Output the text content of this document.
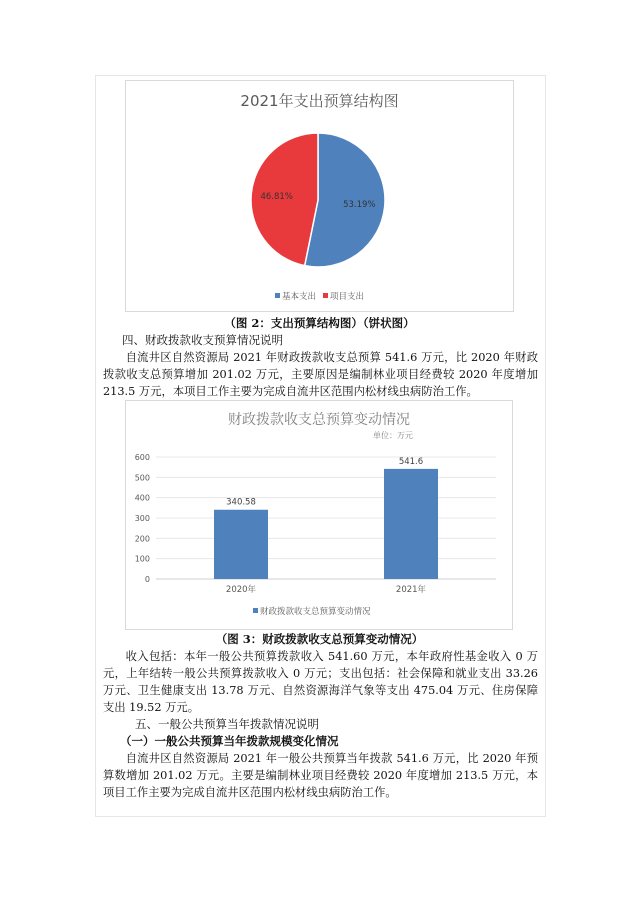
2021年支出预算结构图
53.19%
46.81%
基本支出 项目支出
（图 2：支出预算结构图）（饼状图）
四、财政拨款收支预算情况说明
自流井区自然资源局 2021 年财政拨款收支总预算 541.6 万元，比 2020 年财政拨款收支总预算增加 201.02 万元，主要原因是编制林业项目经费较 2020 年度增加 213.5 万元，本项目工作主要为完成自流井区范围内松材线虫病防治工作。
财政拨款收支总预算变动情况
单位：万元
0
100
200
300
400
500
600
340.58
2020年
541.6
2021年
财政拨款收支总预算变动情况
（图 3：财政拨款收支总预算变动情况）
收入包括：本年一般公共预算拨款收入 541.60 万元，本年政府性基金收入 0 万元，上年结转一般公共预算拨款收入 0 万元；支出包括：社会保障和就业支出 33.26 万元、卫生健康支出 13.78 万元、自然资源海洋气象等支出 475.04 万元、住房保障支出 19.52 万元。
五、一般公共预算当年拨款情况说明
（一）一般公共预算当年拨款规模变化情况
自流井区自然资源局 2021 年一般公共预算当年拨款 541.6 万元，比 2020 年预算数增加 201.02 万元。主要是编制林业项目经费较 2020 年度增加 213.5 万元，本项目工作主要为完成自流井区范围内松材线虫病防治工作。
